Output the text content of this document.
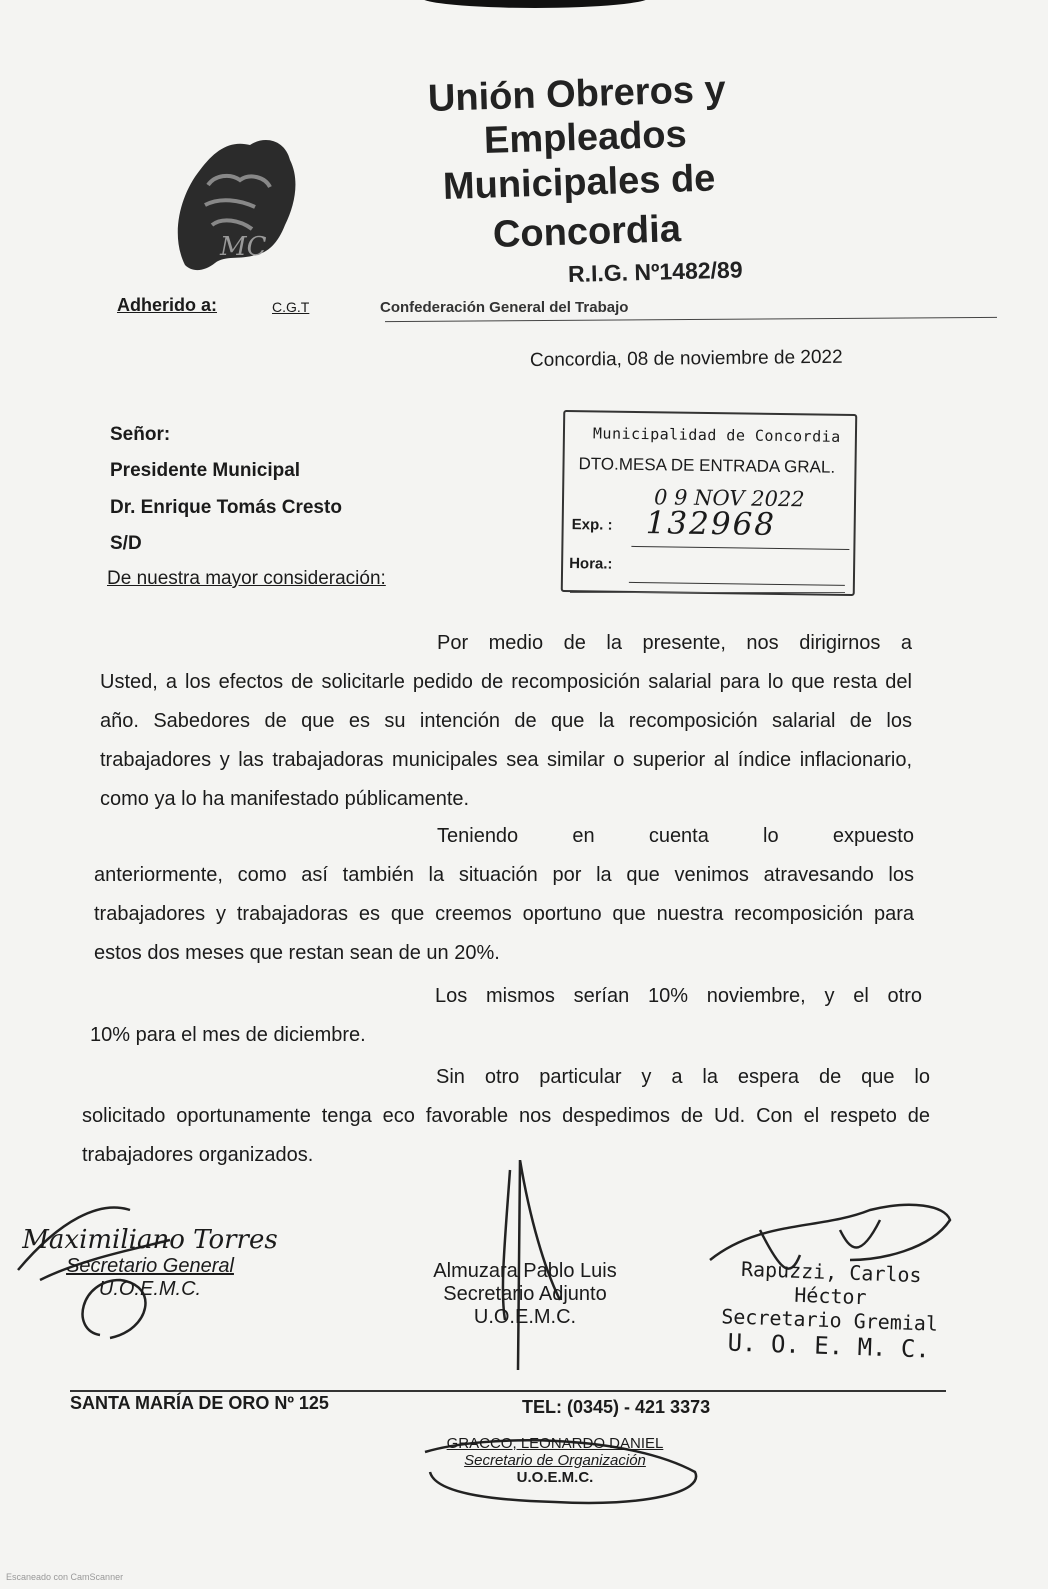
MC
Unión Obreros y
Empleados
Municipales de
Concordia
R.I.G. Nº1482/89
Adherido a:	C.G.T	Confederación General del Trabajo
Concordia, 08 de noviembre de 2022
Señor:
Presidente Municipal
Dr. Enrique Tomás Cresto
S/D
De nuestra mayor consideración:
Municipalidad de Concordia
DTO.MESA DE ENTRADA GRAL.
0 9 NOV 2022
Exp. : 132968
Hora.:

Por medio de la presente, nos dirigirnos a

Usted, a los efectos de solicitarle pedido de recomposición salarial para lo que resta del año. Sabedores de que es su intención de que la recomposición salarial de los trabajadores y las trabajadoras municipales sea similar o superior al índice inflacionario, como ya lo ha manifestado públicamente.

Teniendo en cuenta lo expuesto

anteriormente, como así también la situación por la que venimos atravesando los trabajadores y trabajadoras es que creemos oportuno que nuestra recomposición para estos dos meses que restan sean de un 20%.

Los mismos serían 10% noviembre, y el otro

10% para el mes de diciembre.

Sin otro particular y a la espera de que lo

solicitado oportunamente tenga eco favorable nos despedimos de Ud. Con el respeto de trabajadores organizados.

Maximiliano Torres
Secretario General
U.O.E.M.C.
Almuzara Pablo Luis
Secretario Adjunto
U.O.E.M.C.
Rapuzzi, Carlos Héctor
Secretario Gremial
U. O. E. M. C.
SANTA MARÍA DE ORO Nº 125	TEL: (0345) - 421 3373
GRACCO, LEONARDO DANIEL
Secretario de Organización
U.O.E.M.C.
Escaneado con CamScanner
